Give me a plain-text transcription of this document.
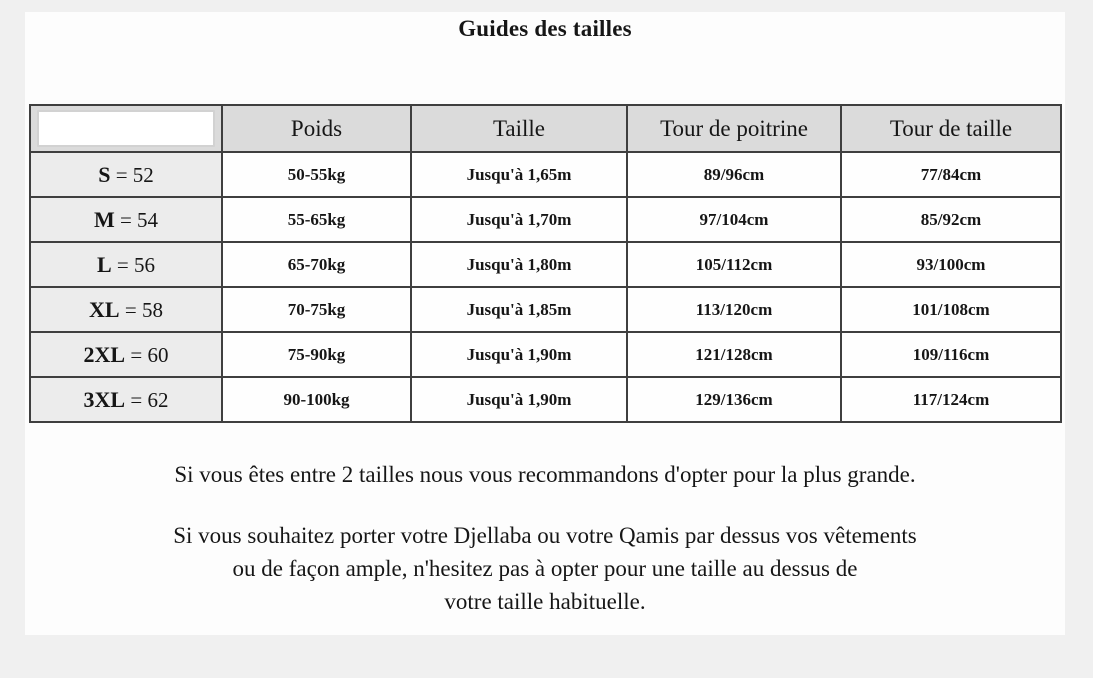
Guides des tailles
	Poids	Taille	Tour de poitrine	Tour de taille
S = 52	50-55kg	Jusqu'à 1,65m	89/96cm	77/84cm
M = 54	55-65kg	Jusqu'à 1,70m	97/104cm	85/92cm
L = 56	65-70kg	Jusqu'à 1,80m	105/112cm	93/100cm
XL = 58	70-75kg	Jusqu'à 1,85m	113/120cm	101/108cm
2XL = 60	75-90kg	Jusqu'à 1,90m	121/128cm	109/116cm
3XL = 62	90-100kg	Jusqu'à 1,90m	129/136cm	117/124cm
Si vous êtes entre 2 tailles nous vous recommandons d'opter pour la plus grande.
Si vous souhaitez porter votre Djellaba ou votre Qamis par dessus vos vêtements
ou de façon ample, n'hesitez pas à opter pour une taille au dessus de
votre taille habituelle.
